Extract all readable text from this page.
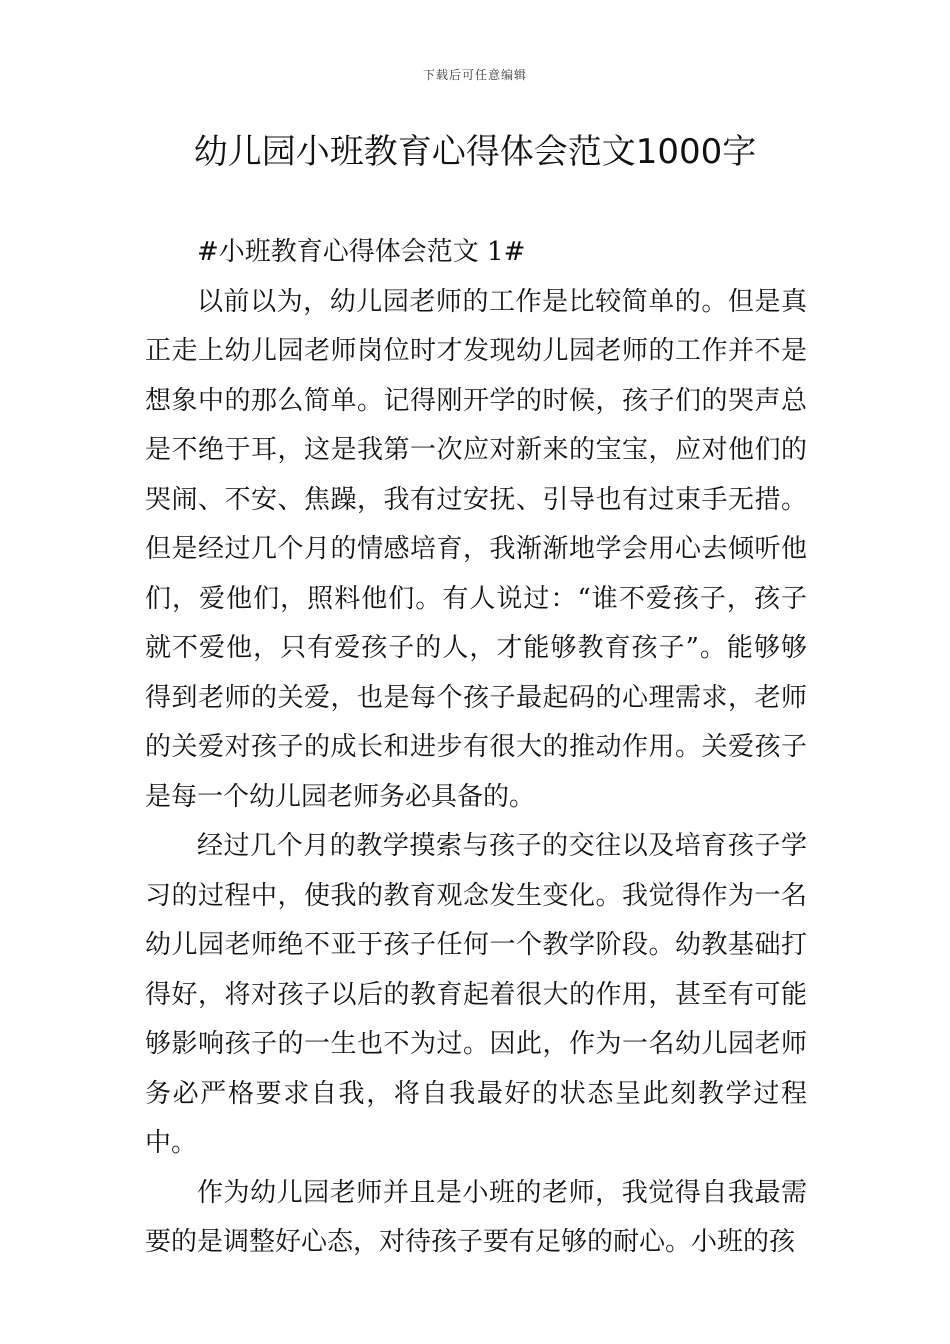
下载后可任意编辑
幼儿园小班教育心得体会范文1000字

#小班教育心得体会范文 1#

以前以为，幼儿园老师的工作是比较简单的。但是真正走上幼儿园老师岗位时才发现幼儿园老师的工作并不是想象中的那么简单。记得刚开学的时候，孩子们的哭声总是不绝于耳，这是我第一次应对新来的宝宝，应对他们的哭闹、不安、焦躁，我有过安抚、引导也有过束手无措。但是经过几个月的情感培育，我渐渐地学会用心去倾听他们，爱他们，照料他们。有人说过：“谁不爱孩子，孩子就不爱他，只有爱孩子的人，才能够教育孩子”。能够够得到老师的关爱，也是每个孩子最起码的心理需求，老师的关爱对孩子的成长和进步有很大的推动作用。关爱孩子是每一个幼儿园老师务必具备的。

经过几个月的教学摸索与孩子的交往以及培育孩子学习的过程中，使我的教育观念发生变化。我觉得作为一名幼儿园老师绝不亚于孩子任何一个教学阶段。幼教基础打得好，将对孩子以后的教育起着很大的作用，甚至有可能够影响孩子的一生也不为过。因此，作为一名幼儿园老师务必严格要求自我，将自我最好的状态呈此刻教学过程中。

作为幼儿园老师并且是小班的老师，我觉得自我最需要的是调整好心态，对待孩子要有足够的耐心。小班的孩
